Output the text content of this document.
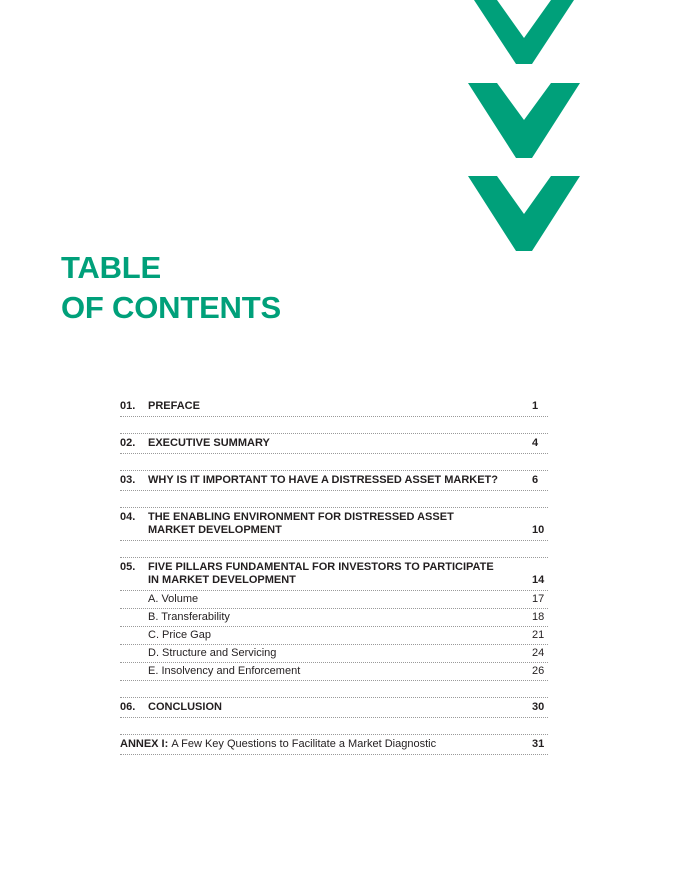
TABLE
OF CONTENTS
01.	PREFACE	1
02.	EXECUTIVE SUMMARY	4
03.	WHY IS IT IMPORTANT TO HAVE A DISTRESSED ASSET MARKET?	6
04.	THE ENABLING ENVIRONMENT FOR DISTRESSED ASSET
MARKET DEVELOPMENT	10
05.	FIVE PILLARS FUNDAMENTAL FOR INVESTORS TO PARTICIPATE
IN MARKET DEVELOPMENT	14
A. Volume	17
B. Transferability	18
C. Price Gap	21
D. Structure and Servicing	24
E. Insolvency and Enforcement	26
06.	CONCLUSION	30
ANNEX I: A Few Key Questions to Facilitate a Market Diagnostic	31
